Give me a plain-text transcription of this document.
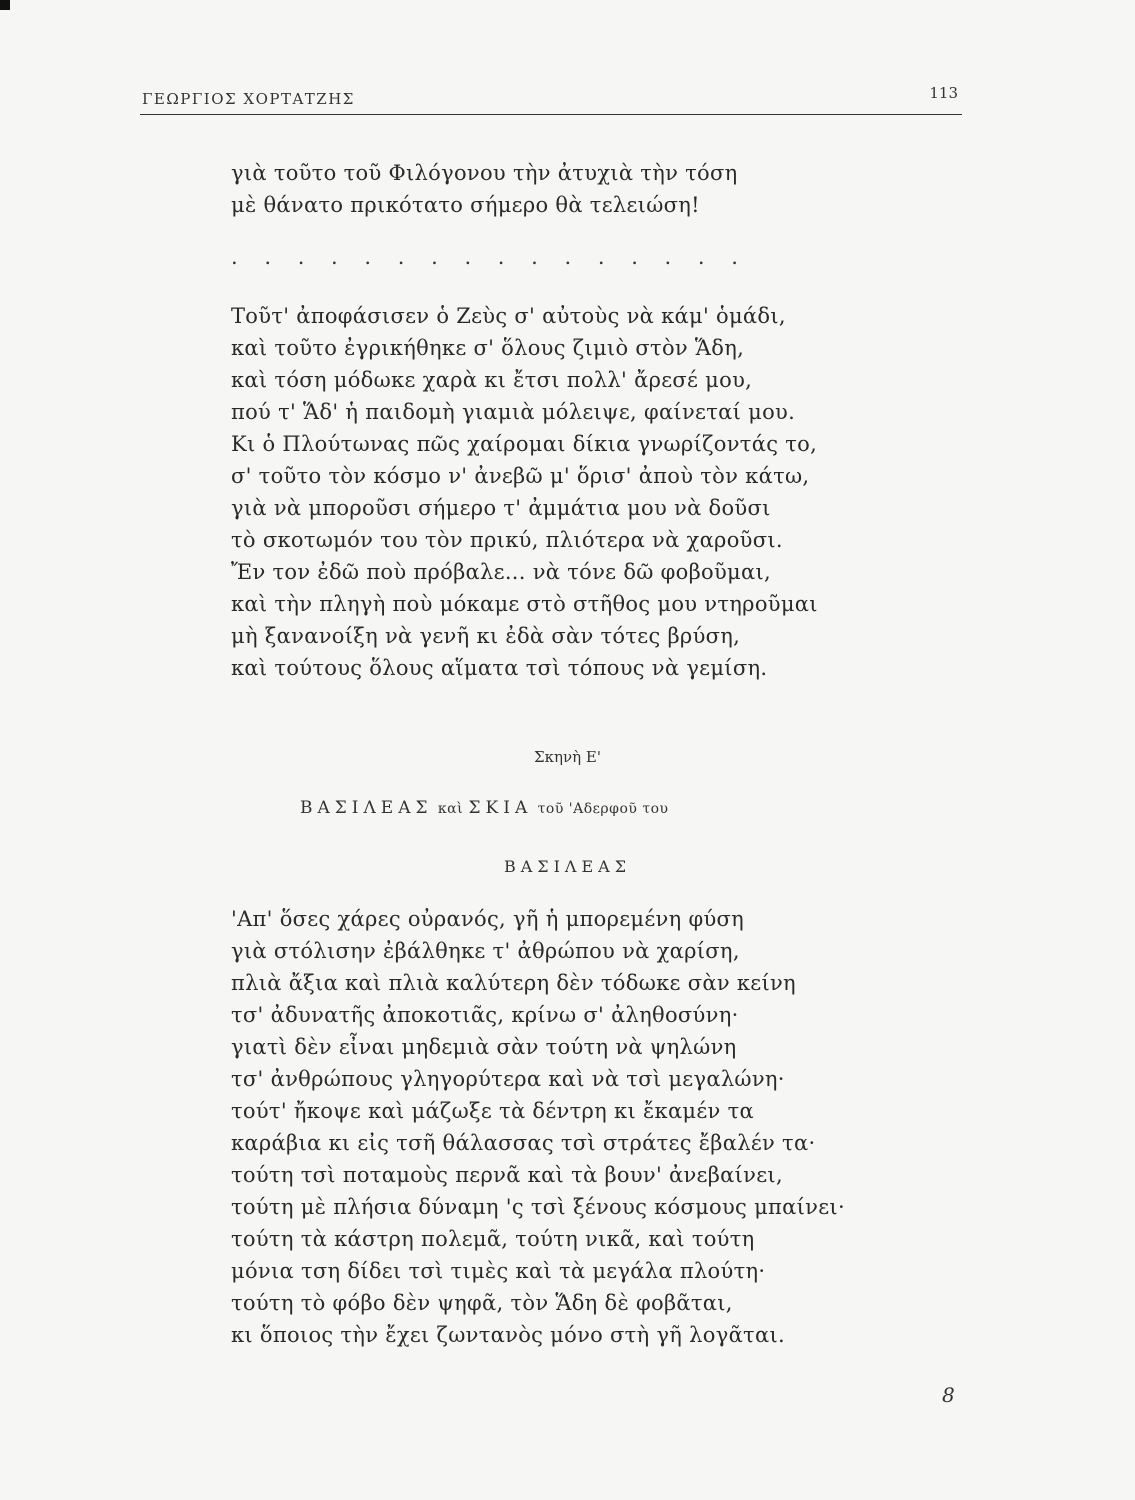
ΓΕΩΡΓΙΟΣ ΧΟΡΤΑΤΖΗΣ	113
γιὰ τοῦτο τοῦ Φιλόγονου τὴν ἀτυχιὰ τὴν τόση
μὲ θάνατο πρικότατο σήμερο θὰ τελειώση!
. . . . . . . . . . . . . . . .
Τοῦτ' ἀποφάσισεν ὁ Ζεὺς σ' αὐτοὺς νὰ κάμ' ὁμάδι,
καὶ τοῦτο ἐγρικήθηκε σ' ὅλους ζιμιὸ στὸν Ἅδη,
καὶ τόση μόδωκε χαρὰ κι ἔτσι πολλ' ἄρεσέ μου,
πού τ' Ἅδ' ἡ παιδομὴ γιαμιὰ μόλειψε, φαίνεταί μου.
Κι ὁ Πλούτωνας πῶς χαίρομαι δίκια γνωρίζοντάς το,
σ' τοῦτο τὸν κόσμο ν' ἀνεβῶ μ' ὅρισ' ἀποὺ τὸν κάτω,
γιὰ νὰ μποροῦσι σήμερο τ' ἀμμάτια μου νὰ δοῦσι
τὸ σκοτωμόν του τὸν πρικύ, πλιότερα νὰ χαροῦσι.
Ἔν τον ἐδῶ ποὺ πρόβαλε... νὰ τόνε δῶ φοβοῦμαι,
καὶ τὴν πληγὴ ποὺ μόκαμε στὸ στῆθος μου ντηροῦμαι
μὴ ξανανοίξη νὰ γενῆ κι ἐδὰ σὰν τότες βρύση,
καὶ τούτους ὅλους αἵματα τσὶ τόπους νὰ γεμίση.
Σκηνὴ Ε'
ΒΑΣΙΛΕΑΣ καὶ ΣΚΙΑ τοῦ 'Αδερφοῦ του
ΒΑΣΙΛΕΑΣ
'Απ' ὅσες χάρες οὐρανός, γῆ ἡ μπορεμένη φύση
γιὰ στόλισην ἐβάλθηκε τ' ἀθρώπου νὰ χαρίση,
πλιὰ ἄξια καὶ πλιὰ καλύτερη δὲν τόδωκε σὰν κείνη
τσ' ἀδυνατῆς ἀποκοτιᾶς, κρίνω σ' ἀληθοσύνη·
γιατὶ δὲν εἶναι μηδεμιὰ σὰν τούτη νὰ ψηλώνη
τσ' ἀνθρώπους γληγορύτερα καὶ νὰ τσὶ μεγαλώνη·
τούτ' ἤκοψε καὶ μάζωξε τὰ δέντρη κι ἔκαμέν τα
καράβια κι εἰς τσῆ θάλασσας τσὶ στράτες ἔβαλέν τα·
τούτη τσὶ ποταμοὺς περνᾶ καὶ τὰ βουν' ἀνεβαίνει,
τούτη μὲ πλήσια δύναμη 'ς τσὶ ξένους κόσμους μπαίνει·
τούτη τὰ κάστρη πολεμᾶ, τούτη νικᾶ, καὶ τούτη
μόνια τση δίδει τσὶ τιμὲς καὶ τὰ μεγάλα πλούτη·
τούτη τὸ φόβο δὲν ψηφᾶ, τὸν Ἅδη δὲ φοβᾶται,
κι ὅποιος τὴν ἔχει ζωντανὸς μόνο στὴ γῆ λογᾶται.
8
